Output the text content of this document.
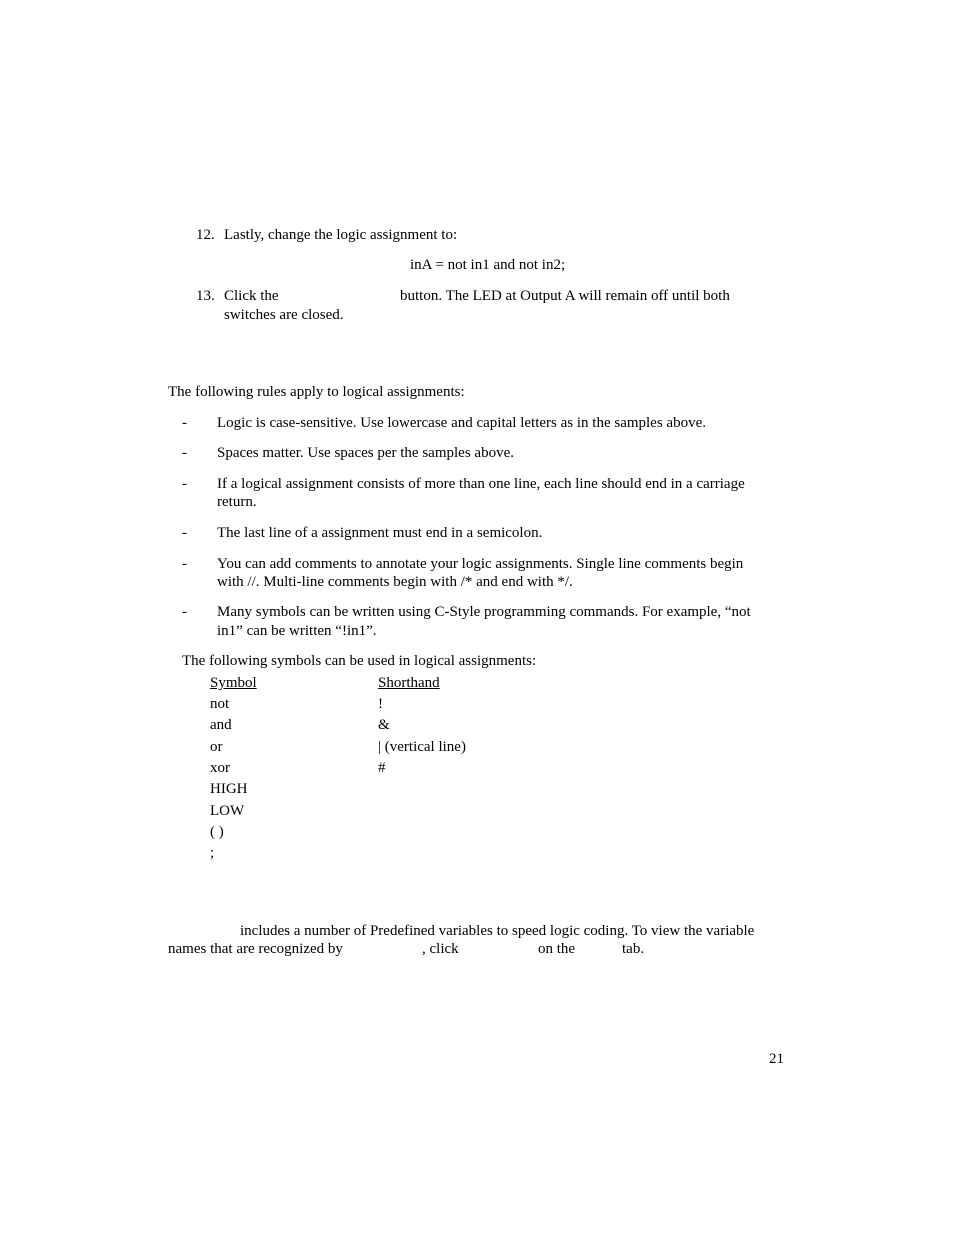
12. Lastly, change the logic assignment to:
inA = not in1 and not in2;
13. Click the	button. The LED at Output A will remain off until both
switches are closed.
The following rules apply to logical assignments:
- Logic is case-sensitive. Use lowercase and capital letters as in the samples above.
- Spaces matter. Use spaces per the samples above.
- If a logical assignment consists of more than one line, each line should end in a carriage
return.
- The last line of a assignment must end in a semicolon.
- You can add comments to annotate your logic assignments. Single line comments begin
with //. Multi-line comments begin with /* and end with */.
- Many symbols can be written using C-Style programming commands. For example, “not
in1” can be written “!in1”.
The following symbols can be used in logical assignments:
Symbol	Shorthand
not	!
and	&
or	| (vertical line)
xor	#
HIGH
LOW
( )
;
includes a number of Predefined variables to speed logic coding. To view the variable
names that are recognized by	, click	on the	tab.
21
